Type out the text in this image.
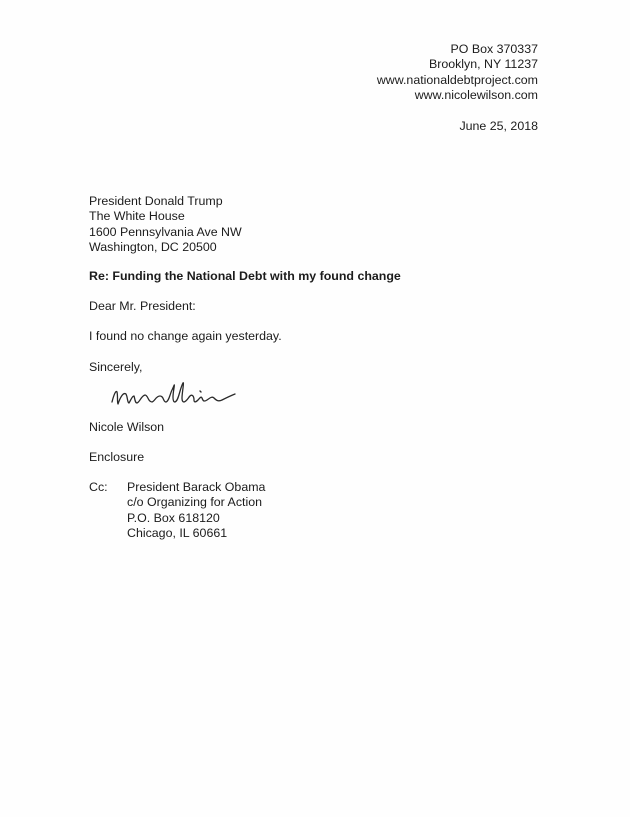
PO Box 370337
Brooklyn, NY 11237
www.nationaldebtproject.com
www.nicolewilson.com
June 25, 2018
President Donald Trump
The White House
1600 Pennsylvania Ave NW
Washington, DC 20500
Re: Funding the National Debt with my found change
Dear Mr. President:
I found no change again yesterday.
Sincerely,
Nicole Wilson
Enclosure
Cc: President Barack Obama
c/o Organizing for Action
P.O. Box 618120
Chicago, IL 60661
